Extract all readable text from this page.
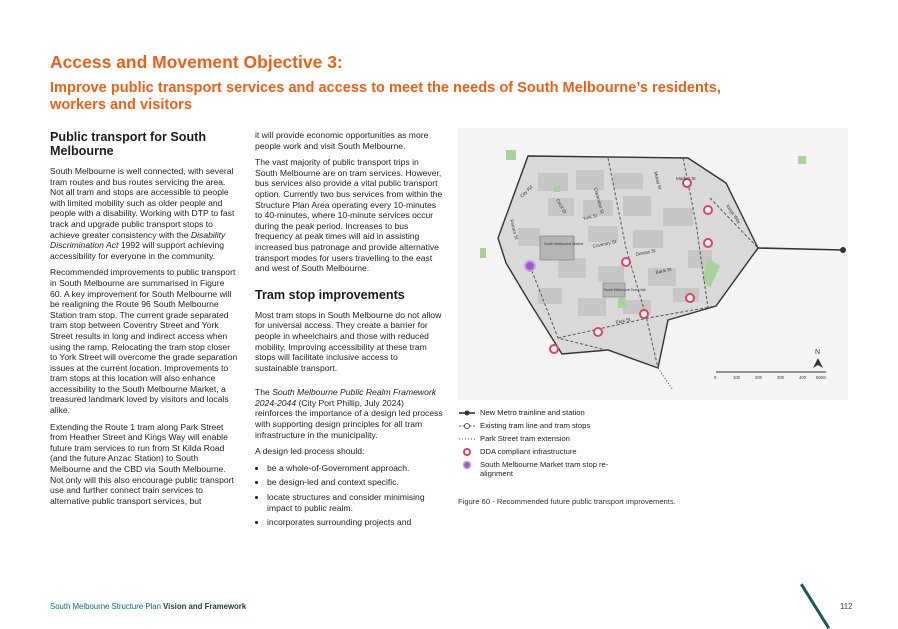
Access and Movement Objective 3:
Improve public transport services and access to meet the needs of South Melbourne’s residents, workers and visitors
Public transport for South Melbourne

South Melbourne is well connected, with several tram routes and bus routes servicing the area. Not all tram and stops are accessible to people with limited mobility such as older people and people with a disability. Working with DTP to fast track and upgrade public transport stops to achieve greater consistency with the Disability Discrimination Act 1992 will support achieving accessibility for everyone in the community.

Recommended improvements to public transport in South Melbourne are summarised in Figure 60. A key improvement for South Melbourne will be realigning the Route 96 South Melbourne Station tram stop. The current grade separated tram stop between Coventry Street and York Street results in long and indirect access when using the ramp. Relocating the tram stop closer to York Street will overcome the grade separation issues at the current location. Improvements to tram stops at this location will also enhance accessibility to the South Melbourne Market, a treasured landmark loved by visitors and locals alike.

Extending the Route 1 tram along Park Street from Heather Street and Kings Way will enable future tram services to run from St Kilda Road (and the future Anzac Station) to South Melbourne and the CBD via South Melbourne. Not only will this also encourage public transport use and further connect train services to alternative public transport services, but

it will provide economic opportunities as more people work and visit South Melbourne.

The vast majority of public transport trips in South Melbourne are on tram services. However, bus services also provide a vital public transport option. Currently two bus services from within the Structure Plan Area operating every 10-minutes to 40-minutes, where 10-minute services occur during the peak period. Increases to bus frequency at peak times will aid in assisting increased bus patronage and provide alternative transport modes for users travelling to the east and west of South Melbourne.

Tram stop improvements

Most tram stops in South Melbourne do not allow for universal access. They create a barrier for people in wheelchairs and those with reduced mobility. Improving accessibility at these tram stops will facilitate inclusive access to sustainable transport.

The South Melbourne Public Realm Framework 2024-2044 (City Port Phillip, July 2024) reinforces the importance of a design led process with supporting design principles for all tram infrastructure in the municipality.

A design led process should:

• be a whole-of-Government approach.
• be design-led and context specific.
• locate structures and consider minimising impact to public realm.
• incorporates surrounding projects and
South Melbourne Market
South Melbourne Town Hall
City Rd	Clarendon St
Market St
Moray St
Kings Way
Cecil St
Ferrars St
York St
Coventry St
Dorcas St
Bank St
Park St
N
0	100	200	300	400 500m
New Metro trainline and station
Existing tram line and tram stops
Park Street tram extension
DDA compliant infrastructure
South Melbourne Market tram stop re-alignment
Figure 60 - Recommended future public transport improvements.
South Melbourne Structure Plan Vision and Framework	112
